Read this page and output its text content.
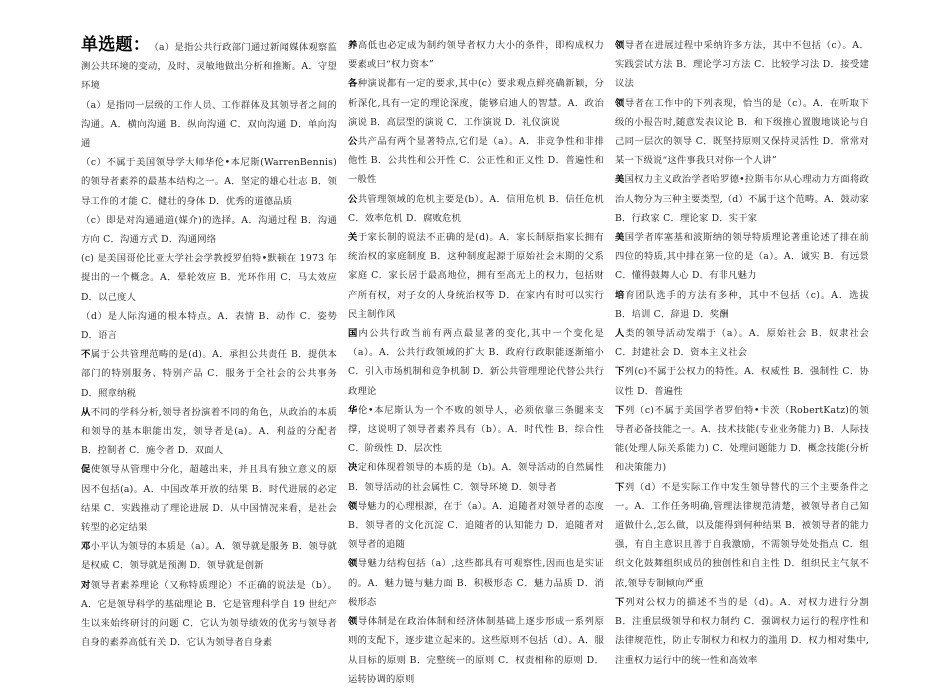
单选题： （a）是指公共行政部门通过新闻媒体观察监测公共环境的变动，及时、灵敏地做出分析和推断。A．守望环境
（a）是指同一层级的工作人员、工作群体及其领导者之间的沟通。A．横向沟通 B．纵向沟通 C．双向沟通 D．单向沟通
（c）不属于美国领导学大师华伦•本尼斯(WarrenBennis)的领导者素养的最基本结构之一。A．坚定的雄心壮志 B．领导工作的才能 C．健壮的身体 D．优秀的道德品质
（c）即是对沟通通道(媒介)的选择。A．沟通过程 B．沟通方向 C．沟通方式 D．沟通网络
(c) 是美国哥伦比亚大学社会学教授罗伯特•默顿在 1973 年提出的一个概念。A．晕轮效应 B．光环作用 C．马太效应 D．以己度人
（d）是人际沟通的根本特点。A．表情 B．动作 C．姿势 D．语言
不属于公共管理范畴的是(d)。A．承担公共责任 B．提供本部门的特别服务、特别产品 C．服务于全社会的公共事务 D．照章纳税
从不同的学科分析,领导者扮演着不同的角色，从政治的本质和领导的基本职能出发，领导者是(a)。A．利益的分配者 B．控制者 C．施令者 D．双面人
促使领导从管理中分化，超越出来，并且具有独立意义的原因不包括(a)。A．中国改革开放的结果 B．时代进展的必定结果 C．实践推动了理论进展 D．从中国情况来看，是社会转型的必定结果
邓小平认为领导的本质是（a）。A．领导就是服务 B．领导就是权威 C．领导就是预测 D．领导就是创新
对领导者素养理论（又称特质理论）不正确的说法是（b）。A．它是领导科学的基础理论 B．它是管理科学自 19 世纪产生以来始终研讨的问题 C．它认为领导绩效的优劣与领导者自身的素养高低有关 D．它认为领导者自身素
养高低也必定成为制约领导者权力大小的条件，即构成权力要素或曰“权力资本”
各种演说都有一定的要求,其中(c）要求观点鲜亮确新颖，分析深化,具有一定的理论深度，能够启迪人的智慧。A．政治演说 B．高层型的演说 C．工作演说 D．礼仪演说
公共产品有两个显著特点,它们是（a）。A．非竞争性和非排他性 B．公共性和公开性 C．公正性和正义性 D．普遍性和一般性
公共管理领域的危机主要是(b）。A．信用危机 B．信任危机 C．效率危机 D．腐败危机
关于家长制的说法不正确的是(d)。A．家长制原指家长拥有统治权的家庭制度 B．这种制度起源于原始社会末期的父系家庭 C．家长居于最高地位，拥有至高无上的权力，包括财产所有权，对子女的人身统治权等 D．在家内有时可以实行民主制作风
国内公共行政当前有两点最显著的变化,其中一个变化是（a）。A．公共行政领域的扩大 B．政府行政职能逐渐缩小 C．引入市场机制和竞争机制 D．新公共管理理论代替公共行政理论
华伦•本尼斯认为一个不败的领导人，必须依靠三条腿来支撑，这说明了领导者素养具有（b）。A．时代性 B．综合性 C．阶级性 D．层次性
决定和体现着领导的本质的是（b)。A．领导活动的自然属性 B．领导活动的社会属性 C．领导环境 D．领导者
领导魅力的心理根源，在于（a）。A．追随者对领导者的态度 B．领导者的文化沉淀 C．追随者的认知能力 D．追随者对领导者的追随
领导魅力结构包括（a）,这些都具有可观察性,因而也是实证的。A．魅力链与魅力面 B．积极形态 C．魅力品质 D．消极形态
领导体制是在政治体制和经济体制基础上逐步形成一系列原则的支配下，逐步建立起来的。这些原则不包括（d）。A．服从目标的原则 B．完整统一的原则 C．权责相称的原则 D．运转协调的原则
领导者在进展过程中采纳许多方法，其中不包括（c）。A．实践尝试方法 B．理论学习方法 C．比较学习法 D．接受建议法
领导者在工作中的下列表现，恰当的是（c）。A．在听取下级的小报告时,随意发表议论 B．和下级推心置腹地谈论与自己同一层次的领导 C．既坚持原则又保持灵活性 D．常常对某一下级说“这件事我只对你一个人讲”
美国权力主义政治学者哈罗德•拉斯韦尔从心理动力方面将政治人物分为三种主要类型,（d）不属于这个范畴。A．鼓动家 B．行政家 C．理论家 D．实干家
美国学者库塞基和波斯纳的领导特质理论著重论述了排在前四位的特质,其中排在第一位的是（a）。A．诚实 B．有远景 C．懂得鼓舞人心 D．有非凡魅力
培育团队选手的方法有多种，其中不包括（c)。A．选拔 B．培训 C．辞退 D．奖酬
人类的领导活动发端于（a）。A．原始社会 B．奴隶社会 C．封建社会 D．资本主义社会
下列(c)不属于公权力的特性。A．权威性 B．强制性 C．协议性 D．普遍性
下列（c)不属于美国学者罗伯特•卡茨（RobertKatz)的领导者必备技能之一。A．技术技能(专业业务能力) B．人际技能(处理人际关系能力) C．处理问题能力 D．概念技能(分析和决策能力)
下列（d）不是实际工作中发生领导替代的三个主要条件之一。A．工作任务明确,管理法律规范清楚，被领导者自己知道做什么,怎么做，以及能得到何种结果 B．被领导者的能力强，有自主意识且善于自我激励，不需领导处处指点 C．组织文化鼓舞组织成员的独创性和自主性 D．组织民主气氛不浓,领导专制倾向严重
下列对公权力的描述不当的是（d)。A．对权力进行分割 B．注重层级领导和权力制约 C．强调权力运行的程序性和法律规范性，防止专制权力和权力的滥用 D．权力相对集中,注重权力运行中的统一性和高效率
